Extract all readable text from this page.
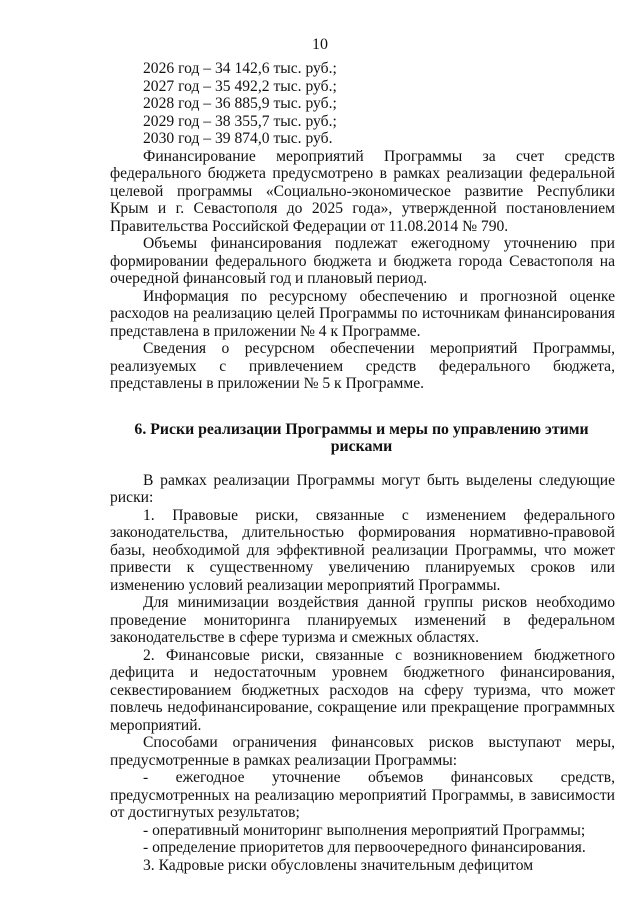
10
2026 год – 34 142,6 тыс. руб.;
2027 год – 35 492,2 тыс. руб.;
2028 год – 36 885,9 тыс. руб.;
2029 год – 38 355,7 тыс. руб.;
2030 год – 39 874,0 тыс. руб.

Финансирование мероприятий Программы за счет средств федерального бюджета предусмотрено в рамках реализации федеральной целевой программы «Социально-экономическое развитие Республики Крым и г. Севастополя до 2025 года», утвержденной постановлением Правительства Российской Федерации от 11.08.2014 № 790.

Объемы финансирования подлежат ежегодному уточнению при формировании федерального бюджета и бюджета города Севастополя на очередной финансовый год и плановый период.

Информация по ресурсному обеспечению и прогнозной оценке расходов на реализацию целей Программы по источникам финансирования представлена в приложении № 4 к Программе.

Сведения о ресурсном обеспечении мероприятий Программы, реализуемых с привлечением средств федерального бюджета, представлены в приложении № 5 к Программе.

6. Риски реализации Программы и меры по управлению этими рисками

В рамках реализации Программы могут быть выделены следующие риски:

1. Правовые риски, связанные с изменением федерального законодательства, длительностью формирования нормативно-правовой базы, необходимой для эффективной реализации Программы, что может привести к существенному увеличению планируемых сроков или изменению условий реализации мероприятий Программы.

Для минимизации воздействия данной группы рисков необходимо проведение мониторинга планируемых изменений в федеральном законодательстве в сфере туризма и смежных областях.

2. Финансовые риски, связанные с возникновением бюджетного дефицита и недостаточным уровнем бюджетного финансирования, секвестированием бюджетных расходов на сферу туризма, что может повлечь недофинансирование, сокращение или прекращение программных мероприятий.

Способами ограничения финансовых рисков выступают меры, предусмотренные в рамках реализации Программы:

- ежегодное уточнение объемов финансовых средств, предусмотренных на реализацию мероприятий Программы, в зависимости от достигнутых результатов;

- оперативный мониторинг выполнения мероприятий Программы;

- определение приоритетов для первоочередного финансирования.

3. Кадровые риски обусловлены значительным дефицитом
